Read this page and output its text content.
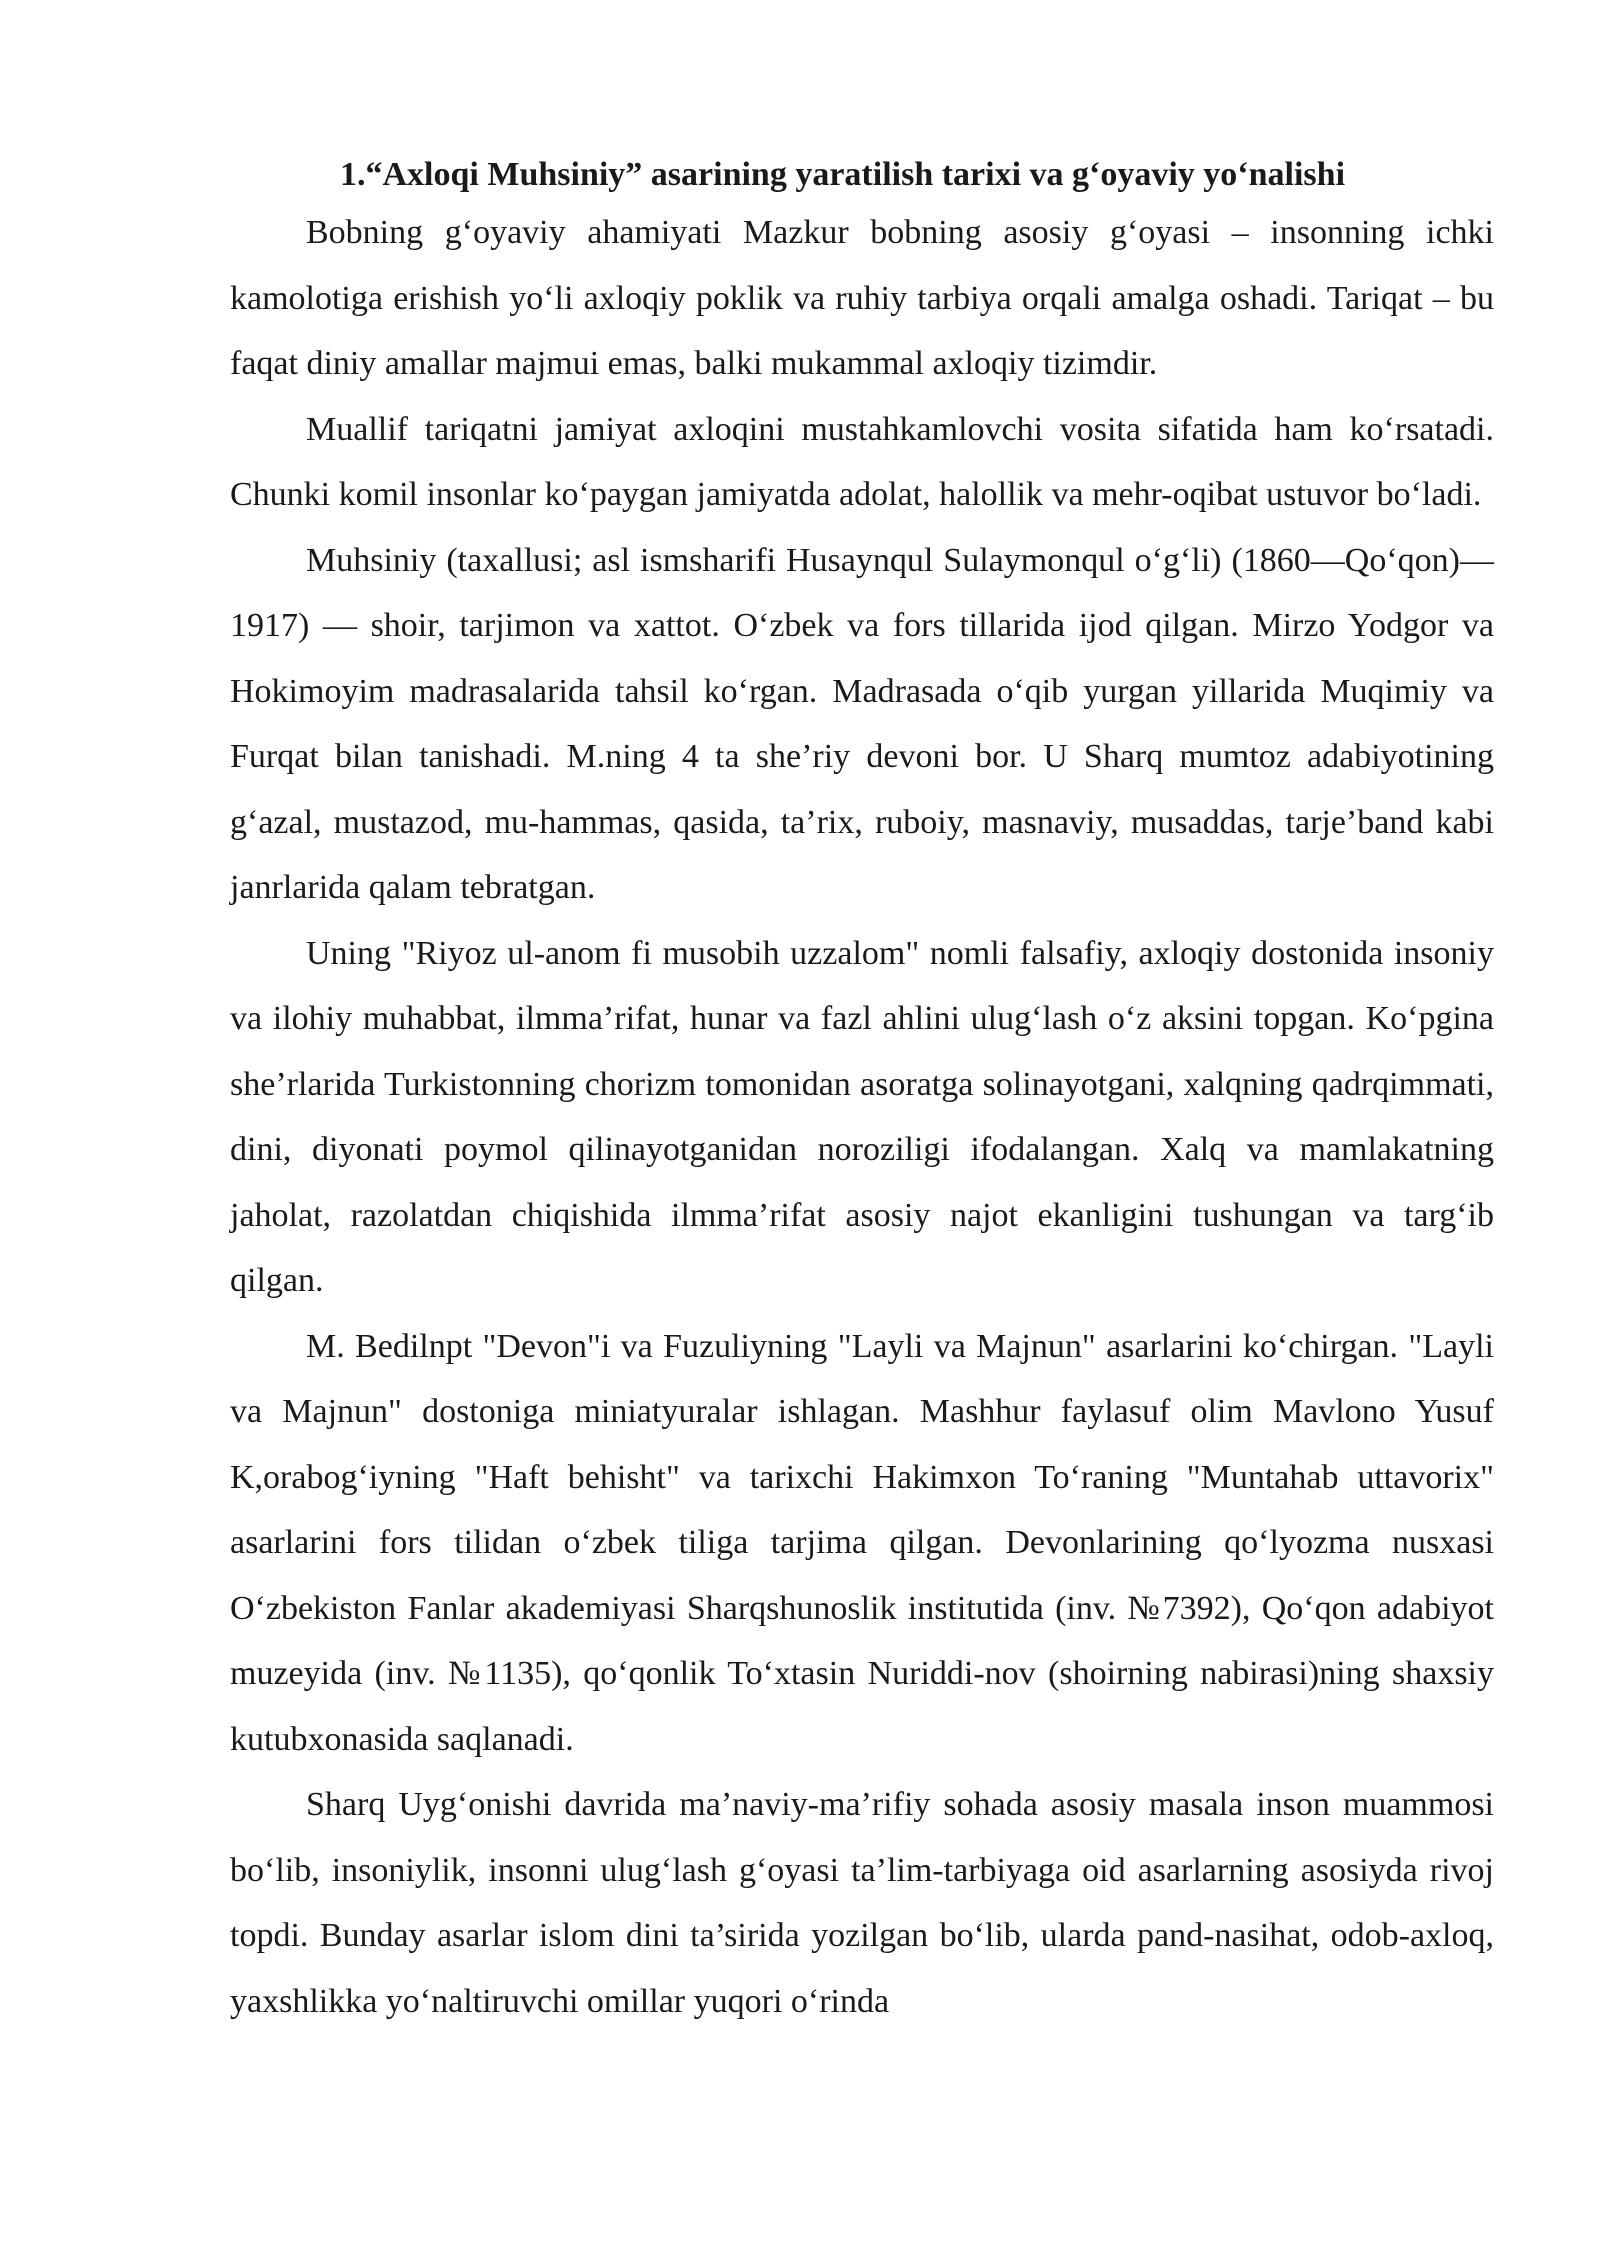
1.“Axloqi Muhsiniy” asarining yaratilish tarixi va g‘oyaviy yo‘nalishi

Bobning g‘oyaviy ahamiyati Mazkur bobning asosiy g‘oyasi – insonning ichki kamolotiga erishish yo‘li axloqiy poklik va ruhiy tarbiya orqali amalga oshadi. Tariqat – bu faqat diniy amallar majmui emas, balki mukammal axloqiy tizimdir.

Muallif tariqatni jamiyat axloqini mustahkamlovchi vosita sifatida ham ko‘rsatadi. Chunki komil insonlar ko‘paygan jamiyatda adolat, halollik va mehr-oqibat ustuvor bo‘ladi.

Muhsiniy (taxallusi; asl ismsharifi Husaynqul Sulaymonqul o‘g‘li) (1860—Qo‘qon)—1917) — shoir, tarjimon va xattot. O‘zbek va fors tillarida ijod qilgan. Mirzo Yodgor va Hokimoyim madrasalarida tahsil ko‘rgan. Madrasada o‘qib yurgan yillarida Muqimiy va Furqat bilan tanishadi. M.ning 4 ta she’riy devoni bor. U Sharq mumtoz adabiyotining g‘azal, mustazod, mu-hammas, qasida, ta’rix, ruboiy, masnaviy, musaddas, tarje’band kabi janrlarida qalam tebratgan.

Uning "Riyoz ul-anom fi musobih uzzalom" nomli falsafiy, axloqiy dostonida insoniy va ilohiy muhabbat, ilmma’rifat, hunar va fazl ahlini ulug‘lash o‘z aksini topgan. Ko‘pgina she’rlarida Turkistonning chorizm tomonidan asoratga solinayotgani, xalqning qadrqimmati, dini, diyonati poymol qilinayotganidan noroziligi ifodalangan. Xalq va mamlakatning jaholat, razolatdan chiqishida ilmma’rifat asosiy najot ekanligini tushungan va targ‘ib qilgan.

M. Bedilnpt "Devon"i va Fuzuliyning "Layli va Majnun" asarlarini ko‘chirgan. "Layli va Majnun" dostoniga miniatyuralar ishlagan. Mashhur faylasuf olim Mavlono Yusuf K,orabog‘iyning "Haft behisht" va tarixchi Hakimxon To‘raning "Muntahab uttavorix" asarlarini fors tilidan o‘zbek tiliga tarjima qilgan. Devonlarining qo‘lyozma nusxasi O‘zbekiston Fanlar akademiyasi Sharqshunoslik institutida (inv. №7392), Qo‘qon adabiyot muzeyida (inv. №1135), qo‘qonlik To‘xtasin Nuriddi-nov (shoirning nabirasi)ning shaxsiy kutubxonasida saqlanadi.

Sharq Uyg‘onishi davrida ma’naviy-ma’rifiy sohada asosiy masala inson muammosi bo‘lib, insoniylik, insonni ulug‘lash g‘oyasi ta’lim-tarbiyaga oid asarlarning asosiyda rivoj topdi. Bunday asarlar islom dini ta’sirida yozilgan bo‘lib, ularda pand-nasihat, odob-axloq, yaxshlikka yo‘naltiruvchi omillar yuqori o‘rinda
